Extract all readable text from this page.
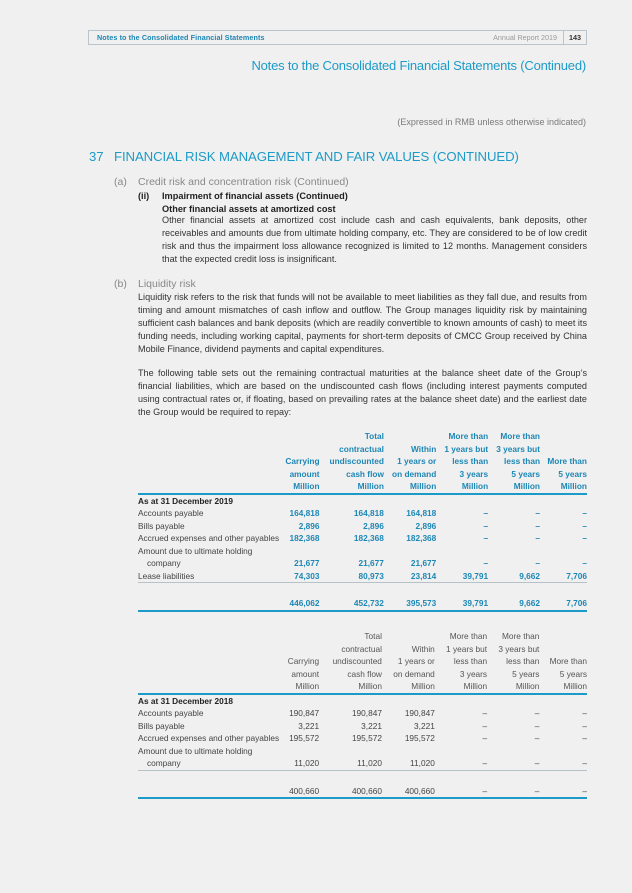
Notes to the Consolidated Financial Statements	Annual Report 2019	143
Notes to the Consolidated Financial Statements (Continued)
(Expressed in RMB unless otherwise indicated)
37 FINANCIAL RISK MANAGEMENT AND FAIR VALUES (CONTINUED)
(a) Credit risk and concentration risk (Continued)
(ii) Impairment of financial assets (Continued)
Other financial assets at amortized cost
Other financial assets at amortized cost include cash and cash equivalents, bank deposits, other receivables and amounts due from ultimate holding company, etc. They are considered to be of low credit risk and thus the impairment loss allowance recognized is limited to 12 months. Management considers that the expected credit loss is insignificant.
(b) Liquidity risk
Liquidity risk refers to the risk that funds will not be available to meet liabilities as they fall due, and results from timing and amount mismatches of cash inflow and outflow. The Group manages liquidity risk by maintaining sufficient cash balances and bank deposits (which are readily convertible to known amounts of cash) to meet its funding needs, including working capital, payments for short-term deposits of CMCC Group received by China Mobile Finance, dividend payments and capital expenditures.
The following table sets out the remaining contractual maturities at the balance sheet date of the Group’s financial liabilities, which are based on the undiscounted cash flows (including interest payments computed using contractual rates or, if floating, based on prevailing rates at the balance sheet date) and the earliest date the Group would be required to repay:
		Total		More than	More than	
		contractual	Within	1 years but	3 years but	
	Carrying	undiscounted	1 years or	less than	less than	More than
	amount	cash flow	on demand	3 years	5 years	5 years
	Million	Million	Million	Million	Million	Million
As at 31 December 2019						
Accounts payable	164,818	164,818	164,818	–	–	–
Bills payable	2,896	2,896	2,896	–	–	–
Accrued expenses and other payables	182,368	182,368	182,368	–	–	–
Amount due to ultimate holding						
company	21,677	21,677	21,677	–	–	–
Lease liabilities	74,303	80,973	23,814	39,791	9,662	7,706

	446,062	452,732	395,573	39,791	9,662	7,706
		Total		More than	More than	
		contractual	Within	1 years but	3 years but	
	Carrying	undiscounted	1 years or	less than	less than	More than
	amount	cash flow	on demand	3 years	5 years	5 years
	Million	Million	Million	Million	Million	Million
As at 31 December 2018						
Accounts payable	190,847	190,847	190,847	–	–	–
Bills payable	3,221	3,221	3,221	–	–	–
Accrued expenses and other payables	195,572	195,572	195,572	–	–	–
Amount due to ultimate holding						
company	11,020	11,020	11,020	–	–	–

	400,660	400,660	400,660	–	–	–
